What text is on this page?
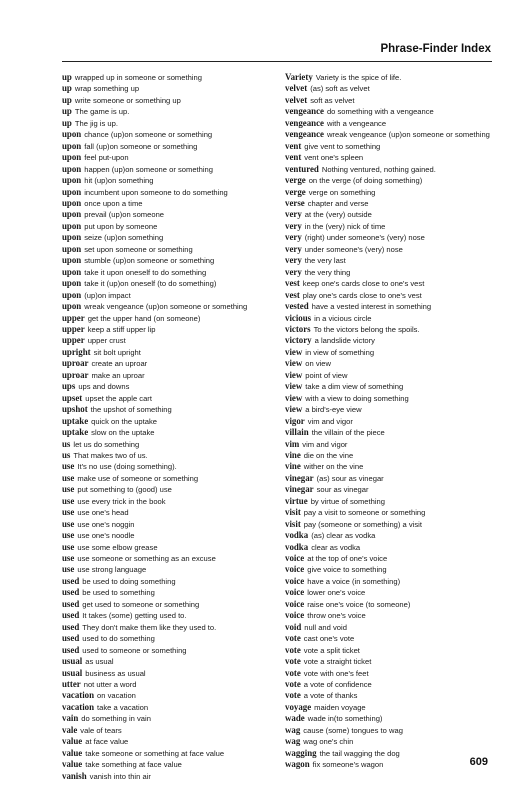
Phrase-Finder Index
up wrapped up in someone or something
up wrap something up
up write someone or something up
up The game is up.
up The jig is up.
upon chance (up)on someone or something
upon fall (up)on someone or something
upon feel put-upon
upon happen (up)on someone or something
upon hit (up)on something
upon incumbent upon someone to do something
upon once upon a time
upon prevail (up)on someone
upon put upon by someone
upon seize (up)on something
upon set upon someone or something
upon stumble (up)on someone or something
upon take it upon oneself to do something
upon take it (up)on oneself (to do something)
upon (up)on impact
upon wreak vengeance (up)on someone or something
upper get the upper hand (on someone)
upper keep a stiff upper lip
upper upper crust
upright sit bolt upright
uproar create an uproar
uproar make an uproar
ups ups and downs
upset upset the apple cart
upshot the upshot of something
uptake quick on the uptake
uptake slow on the uptake
us let us do something
us That makes two of us.
use It's no use (doing something).
use make use of someone or something
use put something to (good) use
use use every trick in the book
use use one's head
use use one's noggin
use use one's noodle
use use some elbow grease
use use someone or something as an excuse
use use strong language
used be used to doing something
used be used to something
used get used to someone or something
used It takes (some) getting used to.
used They don't make them like they used to.
used used to do something
used used to someone or something
usual as usual
usual business as usual
utter not utter a word
vacation on vacation
vacation take a vacation
vain do something in vain
vale vale of tears
value at face value
value take someone or something at face value
value take something at face value
vanish vanish into thin air
Variety Variety is the spice of life.
velvet (as) soft as velvet
velvet soft as velvet
vengeance do something with a vengeance
vengeance with a vengeance
vengeance wreak vengeance (up)on someone or something
vent give vent to something
vent vent one's spleen
ventured Nothing ventured, nothing gained.
verge on the verge (of doing something)
verge verge on something
verse chapter and verse
very at the (very) outside
very in the (very) nick of time
very (right) under someone's (very) nose
very under someone's (very) nose
very the very last
very the very thing
vest keep one's cards close to one's vest
vest play one's cards close to one's vest
vested have a vested interest in something
vicious in a vicious circle
victors To the victors belong the spoils.
victory a landslide victory
view in view of something
view on view
view point of view
view take a dim view of something
view with a view to doing something
view a bird's-eye view
vigor vim and vigor
villain the villain of the piece
vim vim and vigor
vine die on the vine
vine wither on the vine
vinegar (as) sour as vinegar
vinegar sour as vinegar
virtue by virtue of something
visit pay a visit to someone or something
visit pay (someone or something) a visit
vodka (as) clear as vodka
vodka clear as vodka
voice at the top of one's voice
voice give voice to something
voice have a voice (in something)
voice lower one's voice
voice raise one's voice (to someone)
voice throw one's voice
void null and void
vote cast one's vote
vote vote a split ticket
vote vote a straight ticket
vote vote with one's feet
vote a vote of confidence
vote a vote of thanks
voyage maiden voyage
wade wade in(to something)
wag cause (some) tongues to wag
wag wag one's chin
wagging the tail wagging the dog
wagon fix someone's wagon	609
